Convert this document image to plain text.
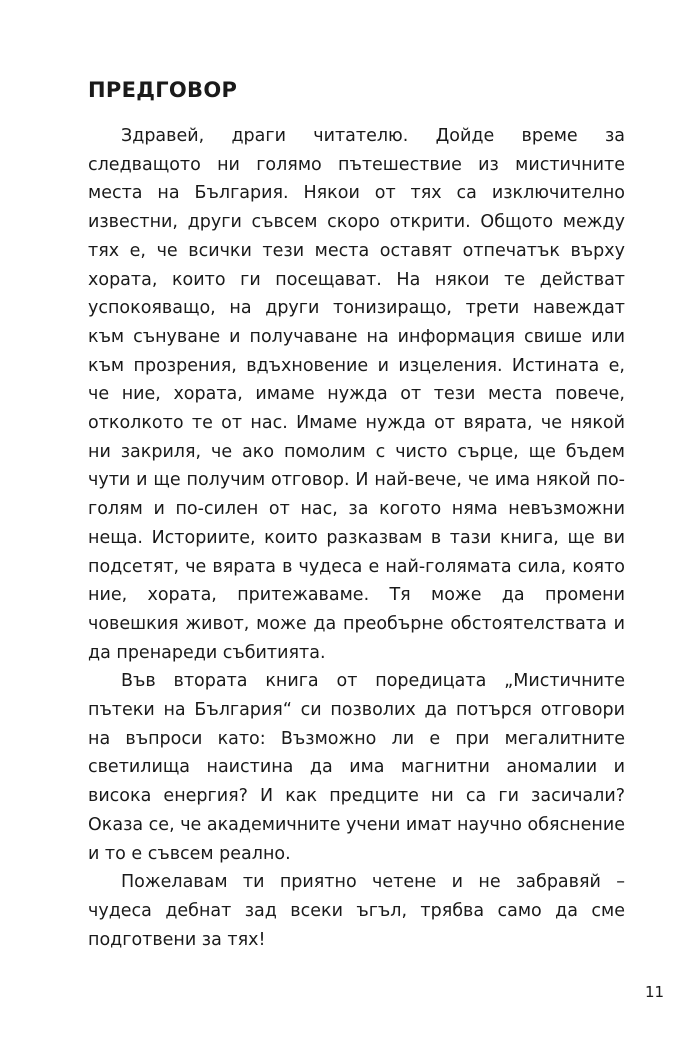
ПРЕДГОВОР

Здравей, драги читателю. Дойде време за следващото ни голямо пътешествие из мистичните места на България. Някои от тях са изключително известни, други съвсем скоро открити. Общото между тях е, че всички тези места оставят отпечатък върху хората, които ги посещават. На някои те действат успокояващо, на други тонизиращо, трети навеждат към сънуване и получаване на информация свише или към прозрения, вдъхновение и изцеления. Истината е, че ние, хората, имаме нужда от тези места повече, отколкото те от нас. Имаме нужда от вярата, че някой ни закриля, че ако помолим с чисто сърце, ще бъдем чути и ще получим отговор. И най-вече, че има някой по-голям и по-силен от нас, за когото няма невъзможни неща. Историите, които разказвам в тази книга, ще ви подсетят, че вярата в чудеса е най-голямата сила, която ние, хората, притежаваме. Тя може да промени човешкия живот, може да преобърне обстоятелствата и да пренареди събитията.

Във втората книга от поредицата „Мистичните пътеки на България“ си позволих да потърся отговори на въпроси като: Възможно ли е при мегалитните светилища наистина да има магнитни аномалии и висока енергия? И как предците ни са ги засичали? Оказа се, че академичните учени имат научно обяснение и то е съвсем реално.

Пожелавам ти приятно четене и не забравяй – чудеса дебнат зад всеки ъгъл, трябва само да сме подготвени за тях!

11
